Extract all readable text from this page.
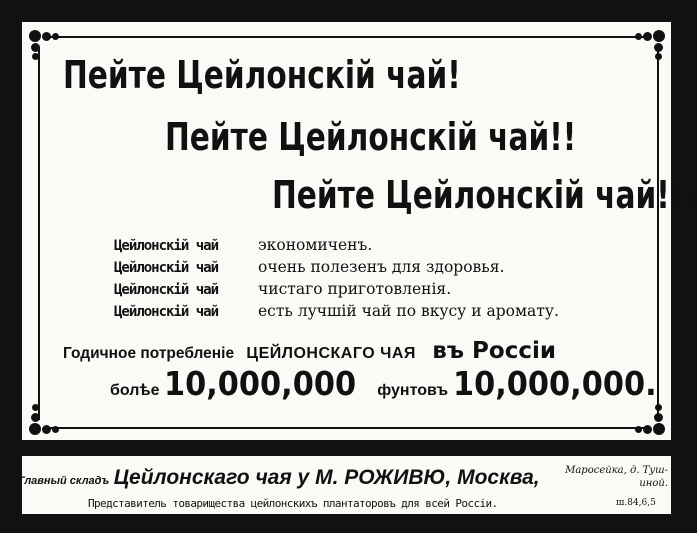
Пейте Цейлонскій чай!
Пейте Цейлонскій чай!!
Пейте Цейлонскій чай!!!
Цейлонскій чай	экономиченъ.
Цейлонскій чай	очень полезенъ для здоровья.
Цейлонскій чай	чистаго приготовленія.
Цейлонскій чай	есть лучшій чай по вкусу и аромату.
Годичное потребленіе ЦЕЙЛОНСКАГО ЧАЯ въ Россіи
болѣе 10,000,000 фунтовъ 10,000,000.
Главный складъ Цейлонскаго чая у М. РОЖИВЮ, Москва,	Маросейка, д. Туш-
иной.
Представитель товарищества цейлонскихъ плантаторовъ для всей Россіи.	ш.84,6,5
